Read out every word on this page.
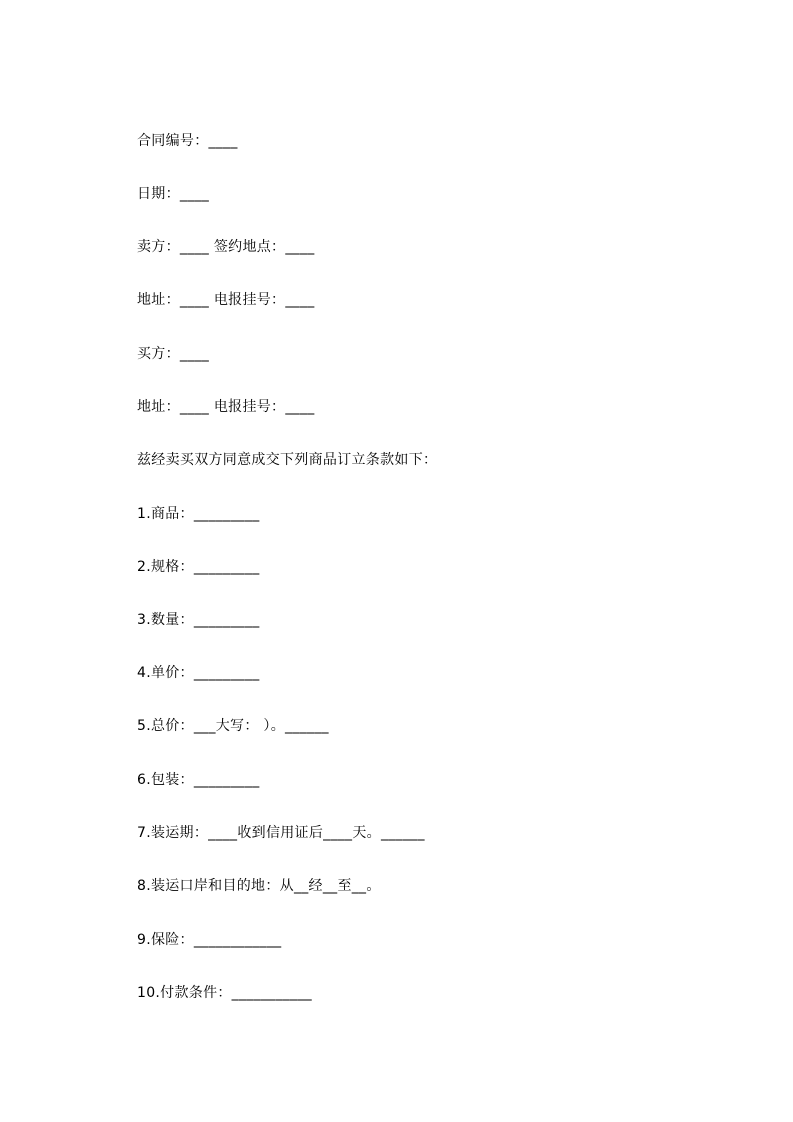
合同编号：____
日期：____
卖方：____ 签约地点：____
地址：____ 电报挂号：____
买方：____
地址：____ 电报挂号：____
兹经卖买双方同意成交下列商品订立条款如下：
1.商品：_________
2.规格：_________
3.数量：_________
4.单价：_________
5.总价：___大写： ）。______
6.包装：_________
7.装运期：____收到信用证后____天。______
8.装运口岸和目的地：从__经__至__。
9.保险：____________
10.付款条件：___________
